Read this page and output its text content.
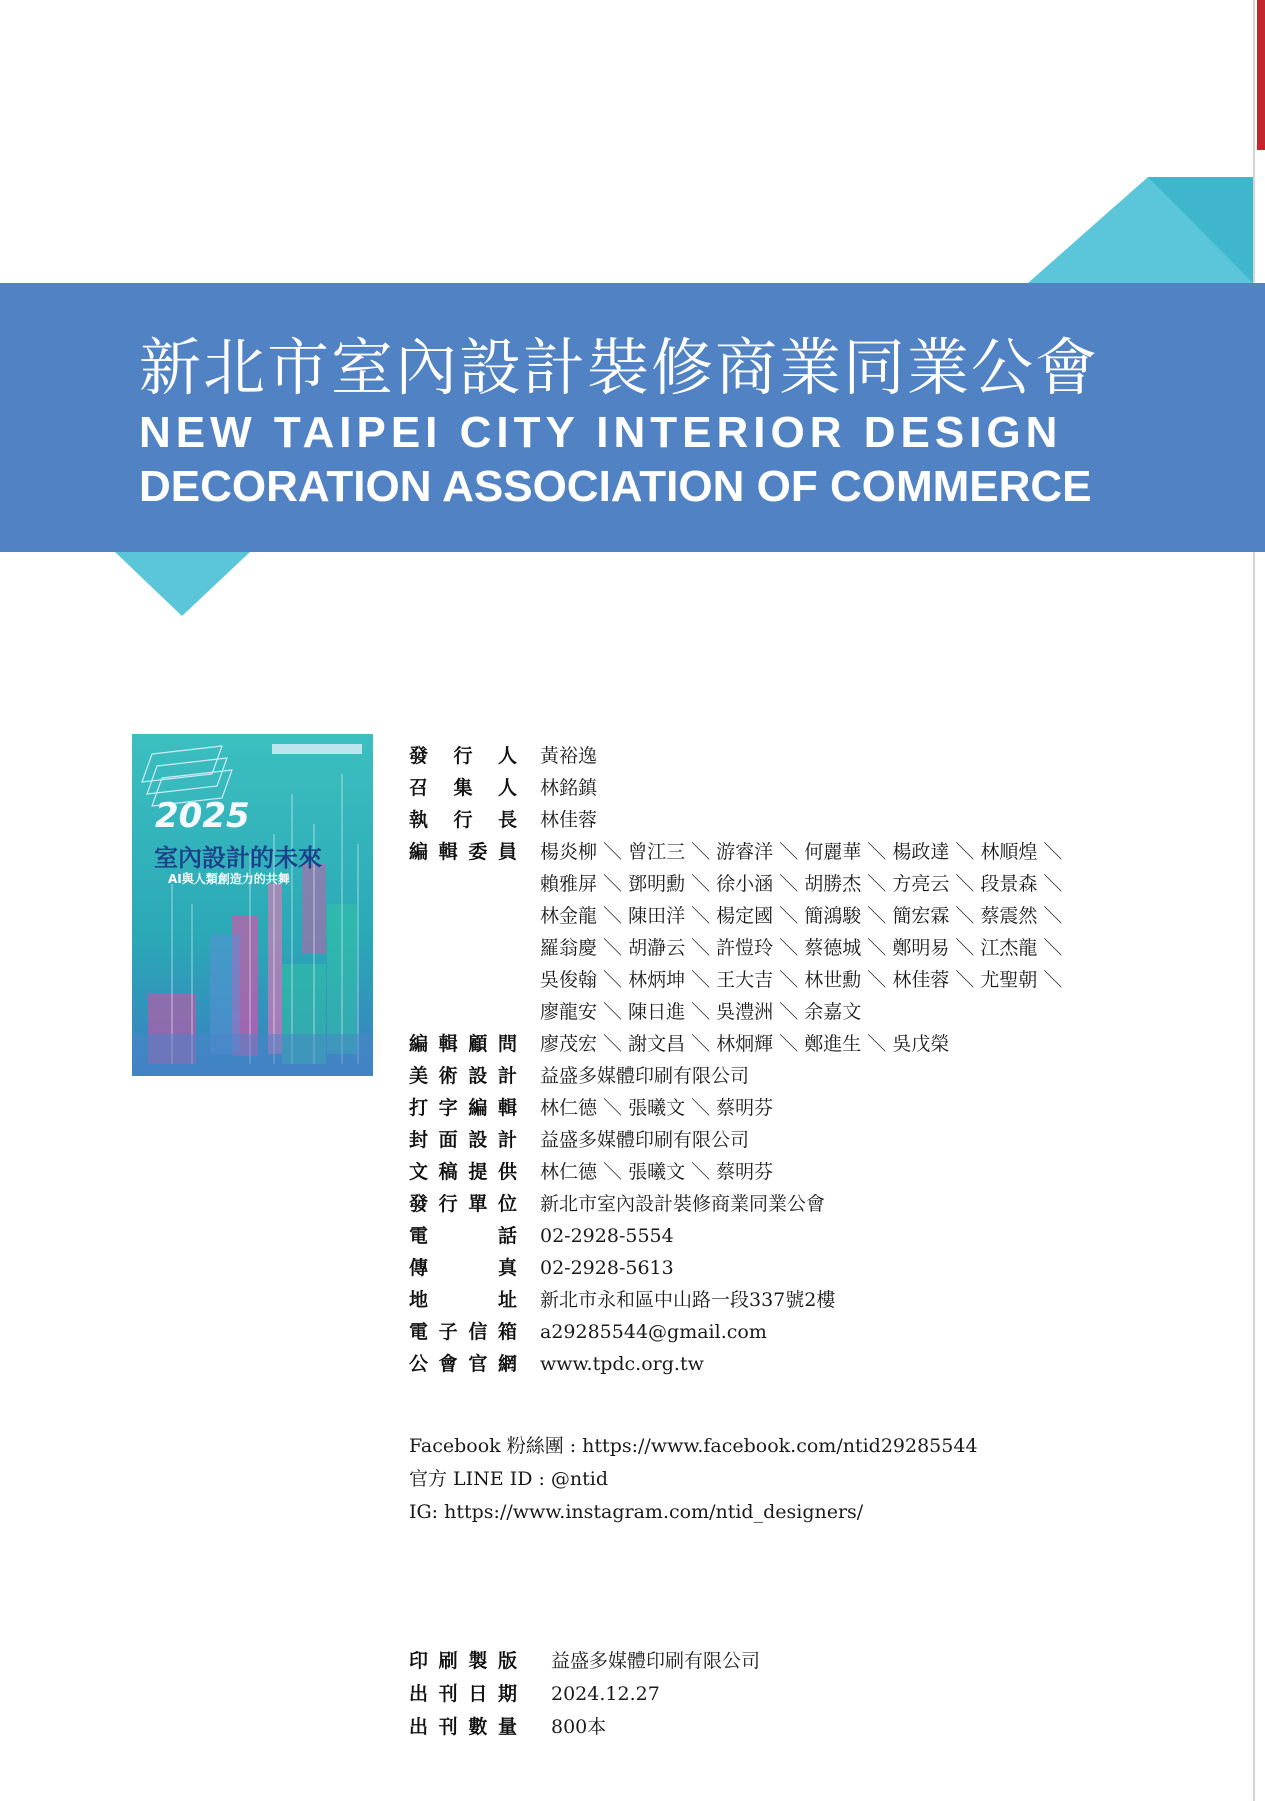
新北市室內設計裝修商業同業公會
NEW TAIPEI CITY INTERIOR DESIGN
DECORATION ASSOCIATION OF COMMERCE
2025
室內設計的未來
AI與人類創造力的共舞
發 行 人 黃裕逸
召 集 人 林銘鎮
執 行 長 林佳蓉
編 輯 委 員 楊炎柳 ＼ 曾江三 ＼ 游睿洋 ＼ 何麗華 ＼ 楊政達 ＼ 林順煌 ＼
賴雅屏 ＼ 鄧明勳 ＼ 徐小涵 ＼ 胡勝杰 ＼ 方亮云 ＼ 段景森 ＼
林金龍 ＼ 陳田洋 ＼ 楊定國 ＼ 簡鴻駿 ＼ 簡宏霖 ＼ 蔡震然 ＼
羅翁慶 ＼ 胡瀞云 ＼ 許愷玲 ＼ 蔡德城 ＼ 鄭明易 ＼ 江杰龍 ＼
吳俊翰 ＼ 林炳坤 ＼ 王大吉 ＼ 林世勳 ＼ 林佳蓉 ＼ 尤聖朝 ＼
廖龍安 ＼ 陳日進 ＼ 吳澧洲 ＼ 余嘉文
編 輯 顧 問 廖茂宏 ＼ 謝文昌 ＼ 林炯輝 ＼ 鄭進生 ＼ 吳戊榮
美 術 設 計 益盛多媒體印刷有限公司
打 字 編 輯 林仁德 ＼ 張曦文 ＼ 蔡明芬
封 面 設 計 益盛多媒體印刷有限公司
文 稿 提 供 林仁德 ＼ 張曦文 ＼ 蔡明芬
發 行 單 位 新北市室內設計裝修商業同業公會
電	話 02-2928-5554
傳	真 02-2928-5613
地	址 新北市永和區中山路一段337號2樓
電 子 信 箱 a29285544@gmail.com
公 會 官 網 www.tpdc.org.tw
Facebook 粉絲團 : https://www.facebook.com/ntid29285544
官方 LINE ID : @ntid
IG: https://www.instagram.com/ntid_designers/
印 刷 製 版 益盛多媒體印刷有限公司
出 刊 日 期 2024.12.27
出 刊 數 量 800本
